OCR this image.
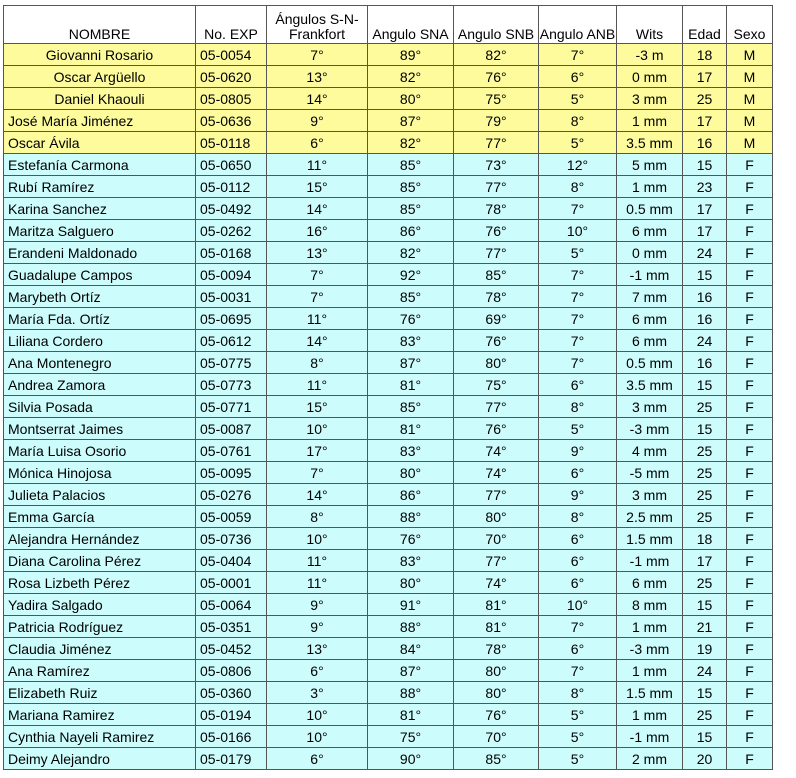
NOMBRE	No. EXP	Ángulos S-N-Frankfort	Angulo SNA	Angulo SNB	Angulo ANB	Wits	Edad	Sexo
Giovanni Rosario	05-0054	7°	89°	82°	7°	-3 m	18	M
Oscar Argüello	05-0620	13°	82°	76°	6°	0 mm	17	M
Daniel Khaouli	05-0805	14°	80°	75°	5°	3 mm	25	M
José María Jiménez	05-0636	9°	87°	79°	8°	1 mm	17	M
Oscar Ávila	05-0118	6°	82°	77°	5°	3.5 mm	16	M
Estefanía Carmona	05-0650	11°	85°	73°	12°	5 mm	15	F
Rubí Ramírez	05-0112	15°	85°	77°	8°	1 mm	23	F
Karina Sanchez	05-0492	14°	85°	78°	7°	0.5 mm	17	F
Maritza Salguero	05-0262	16°	86°	76°	10°	6 mm	17	F
Erandeni Maldonado	05-0168	13°	82°	77°	5°	0 mm	24	F
Guadalupe Campos	05-0094	7°	92°	85°	7°	-1 mm	15	F
Marybeth Ortíz	05-0031	7°	85°	78°	7°	7 mm	16	F
María Fda. Ortíz	05-0695	11°	76°	69°	7°	6 mm	16	F
Liliana Cordero	05-0612	14°	83°	76°	7°	6 mm	24	F
Ana Montenegro	05-0775	8°	87°	80°	7°	0.5 mm	16	F
Andrea Zamora	05-0773	11°	81°	75°	6°	3.5 mm	15	F
Silvia Posada	05-0771	15°	85°	77°	8°	3 mm	25	F
Montserrat Jaimes	05-0087	10°	81°	76°	5°	-3 mm	15	F
María Luisa Osorio	05-0761	17°	83°	74°	9°	4 mm	25	F
Mónica Hinojosa	05-0095	7°	80°	74°	6°	-5 mm	25	F
Julieta Palacios	05-0276	14°	86°	77°	9°	3 mm	25	F
Emma García	05-0059	8°	88°	80°	8°	2.5 mm	25	F
Alejandra Hernández	05-0736	10°	76°	70°	6°	1.5 mm	18	F
Diana Carolina Pérez	05-0404	11°	83°	77°	6°	-1 mm	17	F
Rosa Lizbeth Pérez	05-0001	11°	80°	74°	6°	6 mm	25	F
Yadira Salgado	05-0064	9°	91°	81°	10°	8 mm	15	F
Patricia Rodríguez	05-0351	9°	88°	81°	7°	1 mm	21	F
Claudia Jiménez	05-0452	13°	84°	78°	6°	-3 mm	19	F
Ana Ramírez	05-0806	6°	87°	80°	7°	1 mm	24	F
Elizabeth Ruiz	05-0360	3°	88°	80°	8°	1.5 mm	15	F
Mariana Ramirez	05-0194	10°	81°	76°	5°	1 mm	25	F
Cynthia Nayeli Ramirez	05-0166	10°	75°	70°	5°	-1 mm	15	F
Deimy Alejandro	05-0179	6°	90°	85°	5°	2 mm	20	F
